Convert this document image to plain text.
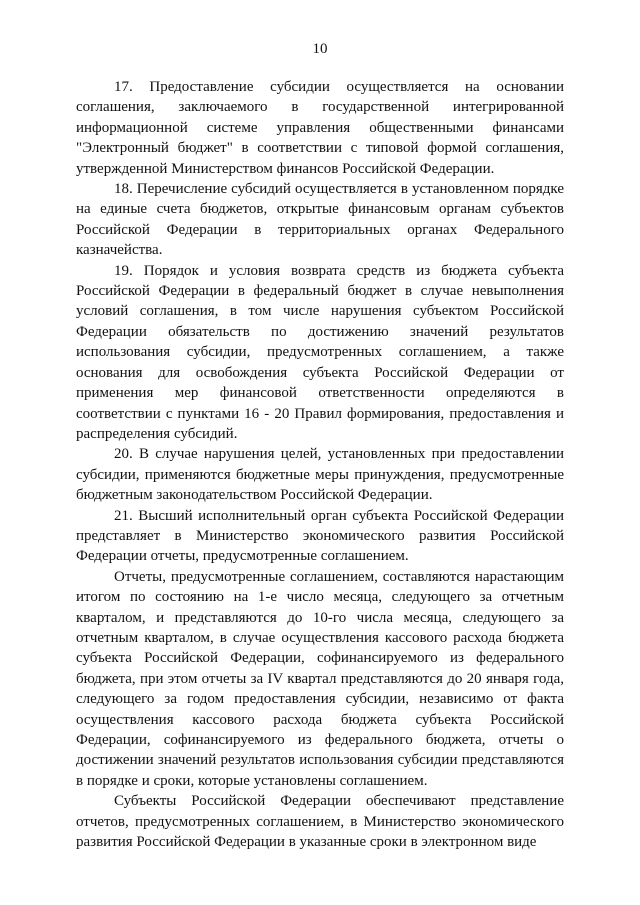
10

17. Предоставление субсидии осуществляется на основании соглашения, заключаемого в государственной интегрированной информационной системе управления общественными финансами "Электронный бюджет" в соответствии с типовой формой соглашения, утвержденной Министерством финансов Российской Федерации.

18. Перечисление субсидий осуществляется в установленном порядке на единые счета бюджетов, открытые финансовым органам субъектов Российской Федерации в территориальных органах Федерального казначейства.

19. Порядок и условия возврата средств из бюджета субъекта Российской Федерации в федеральный бюджет в случае невыполнения условий соглашения, в том числе нарушения субъектом Российской Федерации обязательств по достижению значений результатов использования субсидии, предусмотренных соглашением, а также основания для освобождения субъекта Российской Федерации от применения мер финансовой ответственности определяются в соответствии с пунктами 16 - 20 Правил формирования, предоставления и распределения субсидий.

20. В случае нарушения целей, установленных при предоставлении субсидии, применяются бюджетные меры принуждения, предусмотренные бюджетным законодательством Российской Федерации.

21. Высший исполнительный орган субъекта Российской Федерации представляет в Министерство экономического развития Российской Федерации отчеты, предусмотренные соглашением.

Отчеты, предусмотренные соглашением, составляются нарастающим итогом по состоянию на 1-е число месяца, следующего за отчетным кварталом, и представляются до 10-го числа месяца, следующего за отчетным кварталом, в случае осуществления кассового расхода бюджета субъекта Российской Федерации, софинансируемого из федерального бюджета, при этом отчеты за IV квартал представляются до 20 января года, следующего за годом предоставления субсидии, независимо от факта осуществления кассового расхода бюджета субъекта Российской Федерации, софинансируемого из федерального бюджета, отчеты о достижении значений результатов использования субсидии представляются в порядке и сроки, которые установлены соглашением.

Субъекты Российской Федерации обеспечивают представление отчетов, предусмотренных соглашением, в Министерство экономического развития Российской Федерации в указанные сроки в электронном виде
